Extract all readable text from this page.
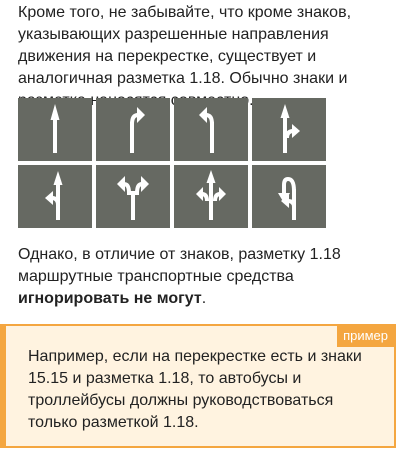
Кроме того, не забывайте, что кроме знаков, указывающих разрешенные направления движения на перекрестке, существует и аналогичная разметка 1.18. Обычно знаки и

Однако, в отличие от знаков, разметку 1.18 маршрутные транспортные средства игнорировать не могут.

пример

Например, если на перекрестке есть и знаки 15.15 и разметка 1.18, то автобусы и троллейбусы должны руководствоваться только разметкой 1.18.
